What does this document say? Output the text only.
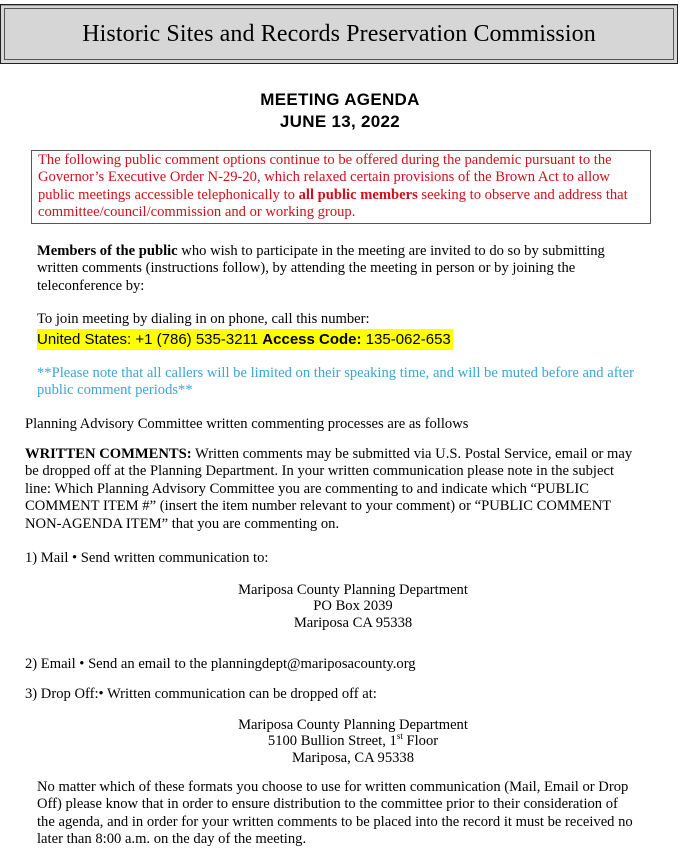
Historic Sites and Records Preservation Commission
MEETING AGENDA
JUNE 13, 2022
The following public comment options continue to be offered during the pandemic pursuant to the Governor’s Executive Order N-29-20, which relaxed certain provisions of the Brown Act to allow public meetings accessible telephonically to all public members seeking to observe and address that committee/council/commission and or working group.
Members of the public who wish to participate in the meeting are invited to do so by submitting written comments (instructions follow), by attending the meeting in person or by joining the teleconference by:
To join meeting by dialing in on phone, call this number:
United States: +1 (786) 535-3211 Access Code: 135-062-653
**Please note that all callers will be limited on their speaking time, and will be muted before and after public comment periods**
Planning Advisory Committee written commenting processes are as follows
WRITTEN COMMENTS: Written comments may be submitted via U.S. Postal Service, email or may be dropped off at the Planning Department. In your written communication please note in the subject line: Which Planning Advisory Committee you are commenting to and indicate which “PUBLIC COMMENT ITEM #” (insert the item number relevant to your comment) or “PUBLIC COMMENT NON-AGENDA ITEM” that you are commenting on.
1) Mail • Send written communication to:
Mariposa County Planning Department
PO Box 2039
Mariposa CA 95338
2) Email • Send an email to the planningdept@mariposacounty.org
3) Drop Off:• Written communication can be dropped off at:
Mariposa County Planning Department
5100 Bullion Street, 1st Floor
Mariposa, CA 95338
No matter which of these formats you choose to use for written communication (Mail, Email or Drop Off) please know that in order to ensure distribution to the committee prior to their consideration of the agenda, and in order for your written comments to be placed into the record it must be received no later than 8:00 a.m. on the day of the meeting.
